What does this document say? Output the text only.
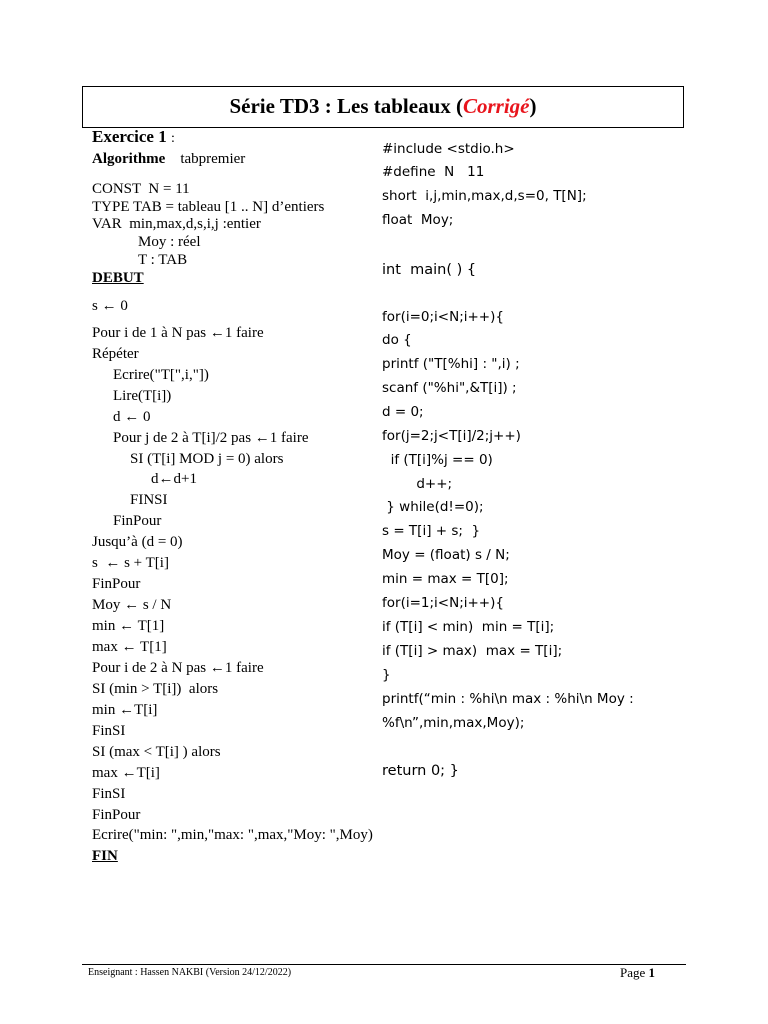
Série TD3 : Les tableaux (Corrigé)
Exercice 1 :
Algorithme tabpremier
CONST  N = 11
TYPE TAB = tableau [1 .. N] d’entiers
VAR  min,max,d,s,i,j :entier
Moy : réel
T : TAB
DEBUT
s ← 0
Pour i de 1 à N pas ←1 faire
Répéter
Ecrire("T[",i,"])
Lire(T[i])
d ← 0
Pour j de 2 à T[i]/2 pas ←1 faire
SI (T[i] MOD j = 0) alors
d←d+1
FINSI
FinPour
Jusqu’à (d = 0)
s  ← s + T[i]
FinPour
Moy ← s / N
min ← T[1]
max ← T[1]
Pour i de 2 à N pas ←1 faire
SI (min > T[i])  alors
min ←T[i]
FinSI
SI (max < T[i] ) alors
max ←T[i]
FinSI
FinPour
Ecrire("min: ",min,"max: ",max,"Moy: ",Moy)
FIN
#include <stdio.h>
#define  N   11
short  i,j,min,max,d,s=0, T[N];
float  Moy;
int  main( ) {
for(i=0;i<N;i++){
do {
printf ("T[%hi] : ",i) ;
scanf ("%hi",&T[i]) ;
d = 0;
for(j=2;j<T[i]/2;j++)
if (T[i]%j == 0)
d++;
} while(d!=0);
s = T[i] + s;  }
Moy = (float) s / N;
min = max = T[0];
for(i=1;i<N;i++){
if (T[i] < min)  min = T[i];
if (T[i] > max)  max = T[i];
}
printf(“min : %hi\n max : %hi\n Moy :
%f\n”,min,max,Moy);
return 0; }
Enseignant : Hassen NAKBI (Version 24/12/2022)	Page 1
